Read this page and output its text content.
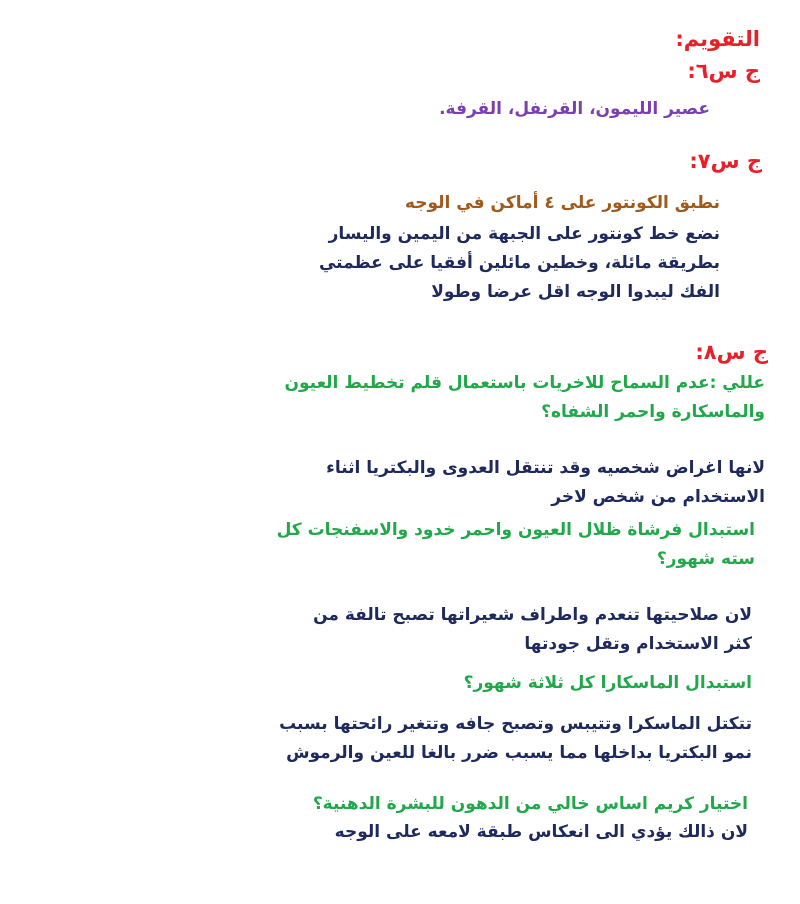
التقويم:
ج س٦:
عصير الليمون، القرنفل، القرفة.
ج س٧:
نطبق الكونتور على ٤ أماكن في الوجه
نضع خط كونتور على الجبهة من اليمين واليسار
بطريقة مائلة، وخطين مائلين أفقيا على عظمتي
الفك ليبدوا الوجه اقل عرضا وطولا
ج س٨:
عللي :عدم السماح للاخريات باستعمال قلم تخطيط العيون
والماسكارة واحمر الشفاه؟
لانها اغراض شخصيه وقد تنتقل العدوى والبكتريا اثناء
الاستخدام من شخص لاخر
استبدال فرشاة ظلال العيون واحمر خدود والاسفنجات كل
سته شهور؟
لان صلاحيتها تنعدم واطراف شعيراتها تصبح تالفة من
كثر الاستخدام وتقل جودتها
استبدال الماسكارا كل ثلاثة شهور؟
تتكتل الماسكرا وتتيبس وتصبح جافه وتتغير رائحتها بسبب
نمو البكتريا بداخلها مما يسبب ضرر بالغا للعين والرموش
اختيار كريم اساس خالي من الدهون للبشرة الدهنية؟
لان ذالك يؤدي الى انعكاس طبقة لامعه على الوجه
